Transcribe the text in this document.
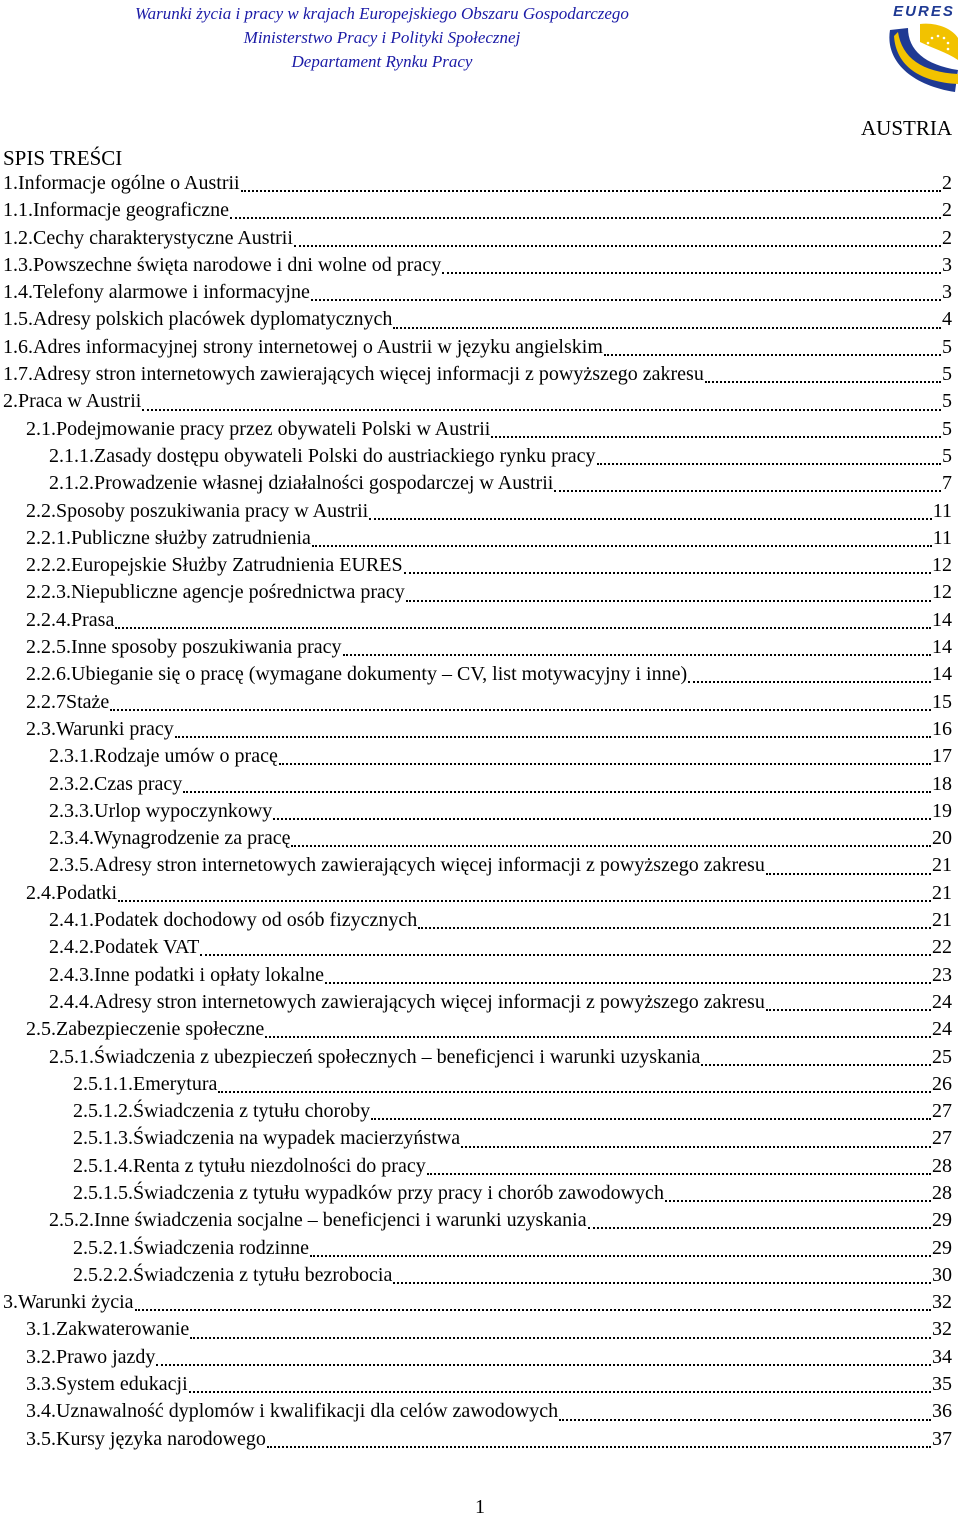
Warunki życia i pracy w krajach Europejskiego Obszaru Gospodarczego
Ministerstwo Pracy i Polityki Społecznej
Departament Rynku Pracy
EURES
AUSTRIA
SPIS TREŚCI
1. Informacje ogólne o Austrii	2
1.1. Informacje geograficzne	2
1.2. Cechy charakterystyczne Austrii	2
1.3. Powszechne święta narodowe i dni wolne od pracy	3
1.4. Telefony alarmowe i informacyjne	3
1.5. Adresy polskich placówek dyplomatycznych	4
1.6. Adres informacyjnej strony internetowej o Austrii w języku angielskim	5
1.7. Adresy stron internetowych zawierających więcej informacji z powyższego zakresu	5
2. Praca w Austrii	5
2.1. Podejmowanie pracy przez obywateli Polski w Austrii	5
2.1.1. Zasady dostępu obywateli Polski do austriackiego rynku pracy	5
2.1.2. Prowadzenie własnej działalności gospodarczej w Austrii	7
2.2. Sposoby poszukiwania pracy w Austrii	11
2.2.1. Publiczne służby zatrudnienia	11
2.2.2. Europejskie Służby Zatrudnienia EURES	12
2.2.3. Niepubliczne agencje pośrednictwa pracy	12
2.2.4. Prasa	14
2.2.5. Inne sposoby poszukiwania pracy	14
2.2.6. Ubieganie się o pracę (wymagane dokumenty – CV, list motywacyjny i inne)	14
2.2.7 Staże	15
2.3. Warunki pracy	16
2.3.1. Rodzaje umów o pracę	17
2.3.2. Czas pracy	18
2.3.3. Urlop wypoczynkowy	19
2.3.4. Wynagrodzenie za pracę	20
2.3.5. Adresy stron internetowych zawierających więcej informacji z powyższego zakresu	21
2.4. Podatki	21
2.4.1. Podatek dochodowy od osób fizycznych	21
2.4.2. Podatek VAT	22
2.4.3. Inne podatki i opłaty lokalne	23
2.4.4. Adresy stron internetowych zawierających więcej informacji z powyższego zakresu	24
2.5. Zabezpieczenie społeczne	24
2.5.1. Świadczenia z ubezpieczeń społecznych – beneficjenci i warunki uzyskania	25
2.5.1.1. Emerytura	26
2.5.1.2. Świadczenia z tytułu choroby	27
2.5.1.3. Świadczenia na wypadek macierzyństwa	27
2.5.1.4. Renta z tytułu niezdolności do pracy	28
2.5.1.5. Świadczenia z tytułu wypadków przy pracy i chorób zawodowych	28
2.5.2. Inne świadczenia socjalne – beneficjenci i warunki uzyskania	29
2.5.2.1. Świadczenia rodzinne	29
2.5.2.2. Świadczenia z tytułu bezrobocia	30
3. Warunki życia	32
3.1. Zakwaterowanie	32
3.2. Prawo jazdy	34
3.3. System edukacji	35
3.4. Uznawalność dyplomów i kwalifikacji dla celów zawodowych	36
3.5. Kursy języka narodowego	37
1
